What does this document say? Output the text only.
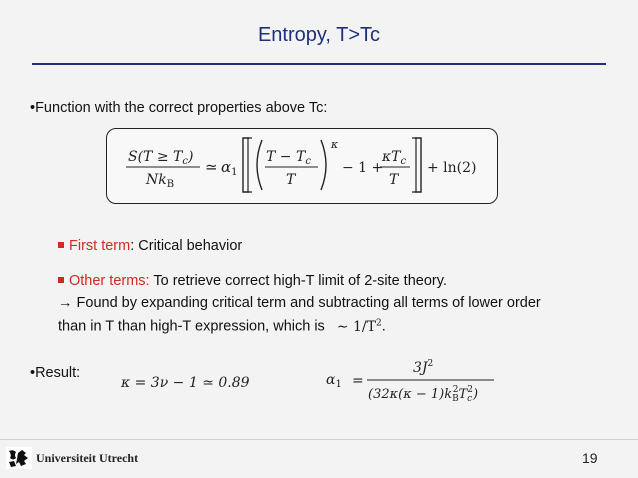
Entropy, T>Tc
•Function with the correct properties above Tc:
$S(T \ge T_c)$
$Nk_B$
≃ $\alpha_1$
$T - T_c$
T
κ
− 1 +
$\kappa T_c$
T
+ ln(2)
First term: Critical behavior
Other terms: To retrieve correct high-T limit of 2-site theory.
→ Found by expanding critical term and subtracting all terms of lower order
than in T than high-T expression, which is ∼ $1/T^2$.
•Result:
κ = 3ν − 1 ≃ 0.89	$\alpha_1$ =
$3J^2$
$(32\kappa(\kappa - 1)k_B2T_c2)$
Universiteit Utrecht	19
